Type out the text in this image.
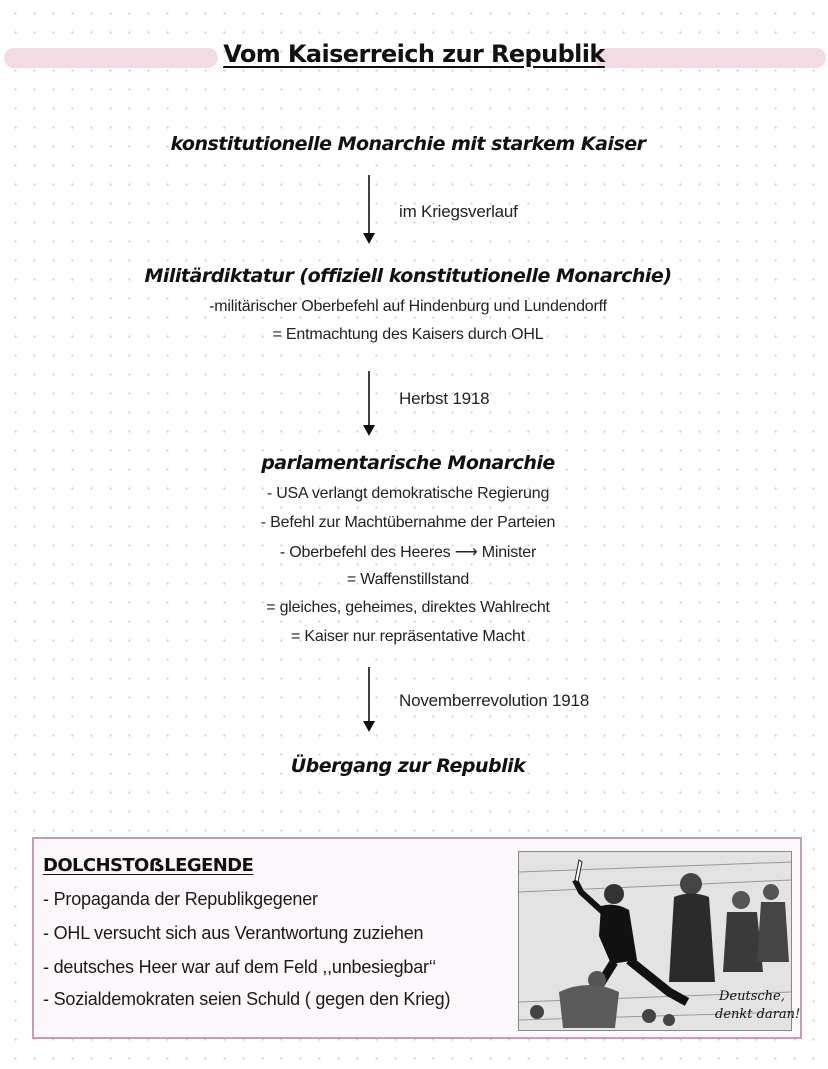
Vom Kaiserreich zur Republik
konstitutionelle Monarchie mit starkem Kaiser
im Kriegsverlauf
Militärdiktatur (offiziell konstitutionelle Monarchie)
-militärischer Oberbefehl auf Hindenburg und Lundendorff
= Entmachtung des Kaisers durch OHL
Herbst 1918
parlamentarische Monarchie
- USA verlangt demokratische Regierung
- Befehl zur Machtübernahme der Parteien
- Oberbefehl des Heeres ⟶ Minister
= Waffenstillstand
= gleiches, geheimes, direktes Wahlrecht
= Kaiser nur repräsentative Macht
Novemberrevolution 1918
Übergang zur Republik
DOLCHSTOẞLEGENDE
- Propaganda der Republikgegener
- OHL versucht sich aus Verantwortung zuziehen
- deutsches Heer war auf dem Feld ,,unbesiegbar‘‘
- Sozialdemokraten seien Schuld ( gegen den Krieg)	Deutsche,
denkt daran!
